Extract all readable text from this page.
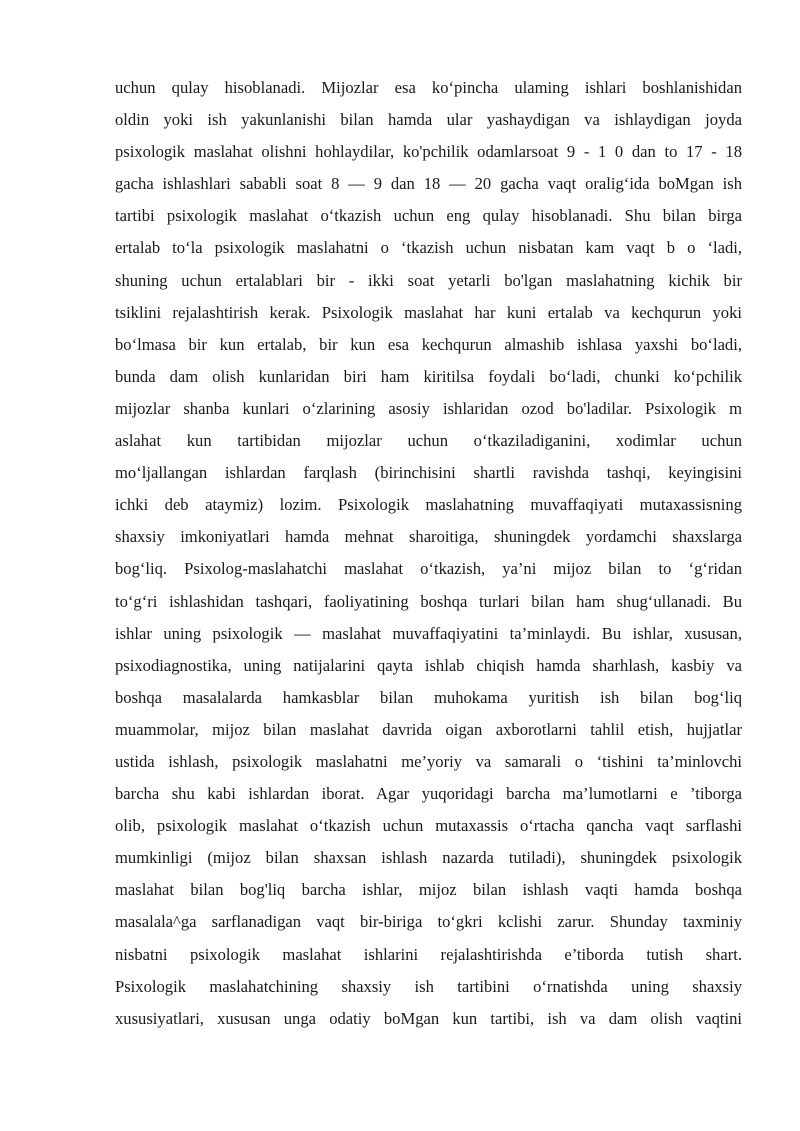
uchun qulay hisoblanadi. Mijozlar esa ko‘pincha ulaming ishlari boshlanishidan
oldin yoki ish yakunlanishi bilan hamda ular yashaydigan va ishlaydigan joyda
psixologik maslahat olishni hohlaydilar, ko'pchilik odamlarsoat 9 - 1 0 dan to 17 - 18
gacha ishlashlari sababli soat 8 — 9 dan 18 — 20 gacha vaqt oralig‘ida boMgan ish
tartibi psixologik maslahat o‘tkazish uchun eng qulay hisoblanadi. Shu bilan birga
ertalab to‘la psixologik maslahatni o ‘tkazish uchun nisbatan kam vaqt b o ‘ladi,
shuning uchun ertalablari bir - ikki soat yetarli bo'lgan maslahatning kichik bir
tsiklini rejalashtirish kerak. Psixologik maslahat har kuni ertalab va kechqurun yoki
bo‘lmasa bir kun ertalab, bir kun esa kechqurun almashib ishlasa yaxshi bo‘ladi,
bunda dam olish kunlaridan biri ham kiritilsa foydali bo‘ladi, chunki ko‘pchilik
mijozlar shanba kunlari o‘zlarining asosiy ishlaridan ozod bo'ladilar. Psixologik m
aslahat kun tartibidan mijozlar uchun o‘tkaziladiganini, xodimlar uchun
mo‘ljallangan ishlardan farqlash (birinchisini shartli ravishda tashqi, keyingisini
ichki deb ataymiz) lozim. Psixologik maslahatning muvaffaqiyati mutaxassisning
shaxsiy imkoniyatlari hamda mehnat sharoitiga, shuningdek yordamchi shaxslarga
bog‘liq. Psixolog-maslahatchi maslahat o‘tkazish, ya’ni mijoz bilan to ‘g‘ridan
to‘g‘ri ishlashidan tashqari, faoliyatining boshqa turlari bilan ham shug‘ullanadi. Bu
ishlar uning psixologik — maslahat muvaffaqiyatini ta’minlaydi. Bu ishlar, xususan,
psixodiagnostika, uning natijalarini qayta ishlab chiqish hamda sharhlash, kasbiy va
boshqa masalalarda hamkasblar bilan muhokama yuritish ish bilan bog‘liq
muammolar, mijoz bilan maslahat davrida oigan axborotlarni tahlil etish, hujjatlar
ustida ishlash, psixologik maslahatni me’yoriy va samarali o ‘tishini ta’minlovchi
barcha shu kabi ishlardan iborat. Agar yuqoridagi barcha ma’lumotlarni e ’tiborga
olib, psixologik maslahat o‘tkazish uchun mutaxassis o‘rtacha qancha vaqt sarflashi
mumkinligi (mijoz bilan shaxsan ishlash nazarda tutiladi), shuningdek psixologik
maslahat bilan bog'liq barcha ishlar, mijoz bilan ishlash vaqti hamda boshqa
masalala^ga sarflanadigan vaqt bir-biriga to‘gkri kclishi zarur. Shunday taxminiy
nisbatni psixologik maslahat ishlarini rejalashtirishda e’tiborda tutish shart.
Psixologik maslahatchining shaxsiy ish tartibini o‘rnatishda uning shaxsiy
xususiyatlari, xususan unga odatiy boMgan kun tartibi, ish va dam olish vaqtini
